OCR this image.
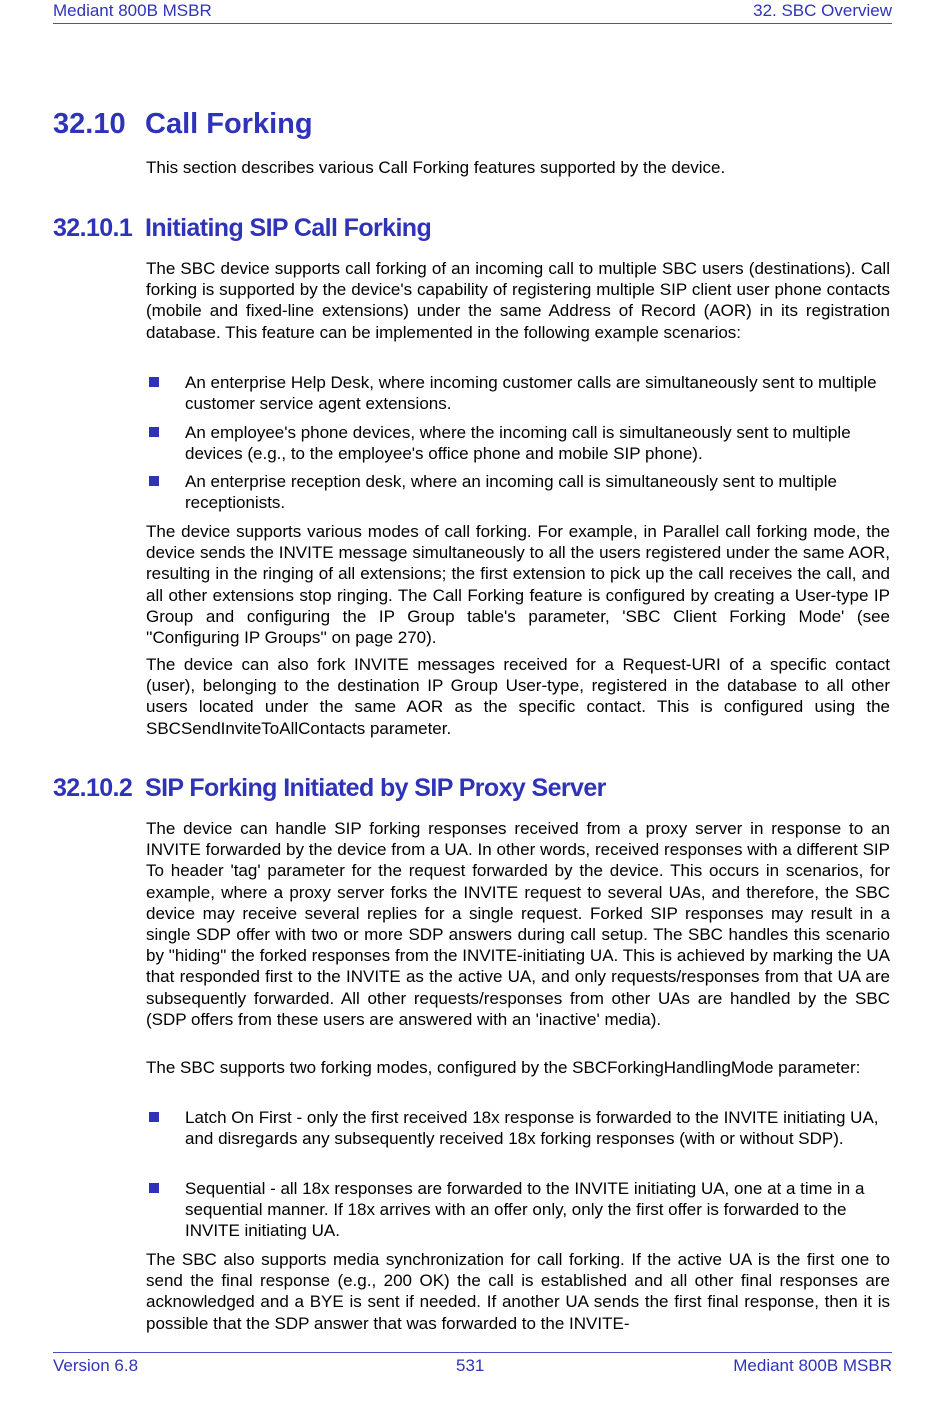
Mediant 800B MSBR	32. SBC Overview
32.10 Call Forking
This section describes various Call Forking features supported by the device.
32.10.1 Initiating SIP Call Forking
The SBC device supports call forking of an incoming call to multiple SBC users (destinations). Call forking is supported by the device's capability of registering multiple SIP client user phone contacts (mobile and fixed-line extensions) under the same Address of Record (AOR) in its registration database. This feature can be implemented in the following example scenarios:
An enterprise Help Desk, where incoming customer calls are simultaneously sent to multiple customer service agent extensions.
An employee's phone devices, where the incoming call is simultaneously sent to multiple devices (e.g., to the employee's office phone and mobile SIP phone).
An enterprise reception desk, where an incoming call is simultaneously sent to multiple receptionists.
The device supports various modes of call forking. For example, in Parallel call forking mode, the device sends the INVITE message simultaneously to all the users registered under the same AOR, resulting in the ringing of all extensions; the first extension to pick up the call receives the call, and all other extensions stop ringing. The Call Forking feature is configured by creating a User-type IP Group and configuring the IP Group table's parameter, 'SBC Client Forking Mode' (see ''Configuring IP Groups'' on page 270).
The device can also fork INVITE messages received for a Request-URI of a specific contact (user), belonging to the destination IP Group User-type, registered in the database to all other users located under the same AOR as the specific contact. This is configured using the SBCSendInviteToAllContacts parameter.
32.10.2 SIP Forking Initiated by SIP Proxy Server
The device can handle SIP forking responses received from a proxy server in response to an INVITE forwarded by the device from a UA. In other words, received responses with a different SIP To header 'tag' parameter for the request forwarded by the device. This occurs in scenarios, for example, where a proxy server forks the INVITE request to several UAs, and therefore, the SBC device may receive several replies for a single request. Forked SIP responses may result in a single SDP offer with two or more SDP answers during call setup. The SBC handles this scenario by "hiding" the forked responses from the INVITE-initiating UA. This is achieved by marking the UA that responded first to the INVITE as the active UA, and only requests/responses from that UA are subsequently forwarded. All other requests/responses from other UAs are handled by the SBC (SDP offers from these users are answered with an 'inactive' media).
The SBC supports two forking modes, configured by the SBCForkingHandlingMode parameter:
Latch On First - only the first received 18x response is forwarded to the INVITE initiating UA, and disregards any subsequently received 18x forking responses (with or without SDP).
Sequential - all 18x responses are forwarded to the INVITE initiating UA, one at a time in a sequential manner. If 18x arrives with an offer only, only the first offer is forwarded to the INVITE initiating UA.
The SBC also supports media synchronization for call forking. If the active UA is the first one to send the final response (e.g., 200 OK) the call is established and all other final responses are acknowledged and a BYE is sent if needed. If another UA sends the first final response, then it is possible that the SDP answer that was forwarded to the INVITE-
Version 6.8	531	Mediant 800B MSBR
